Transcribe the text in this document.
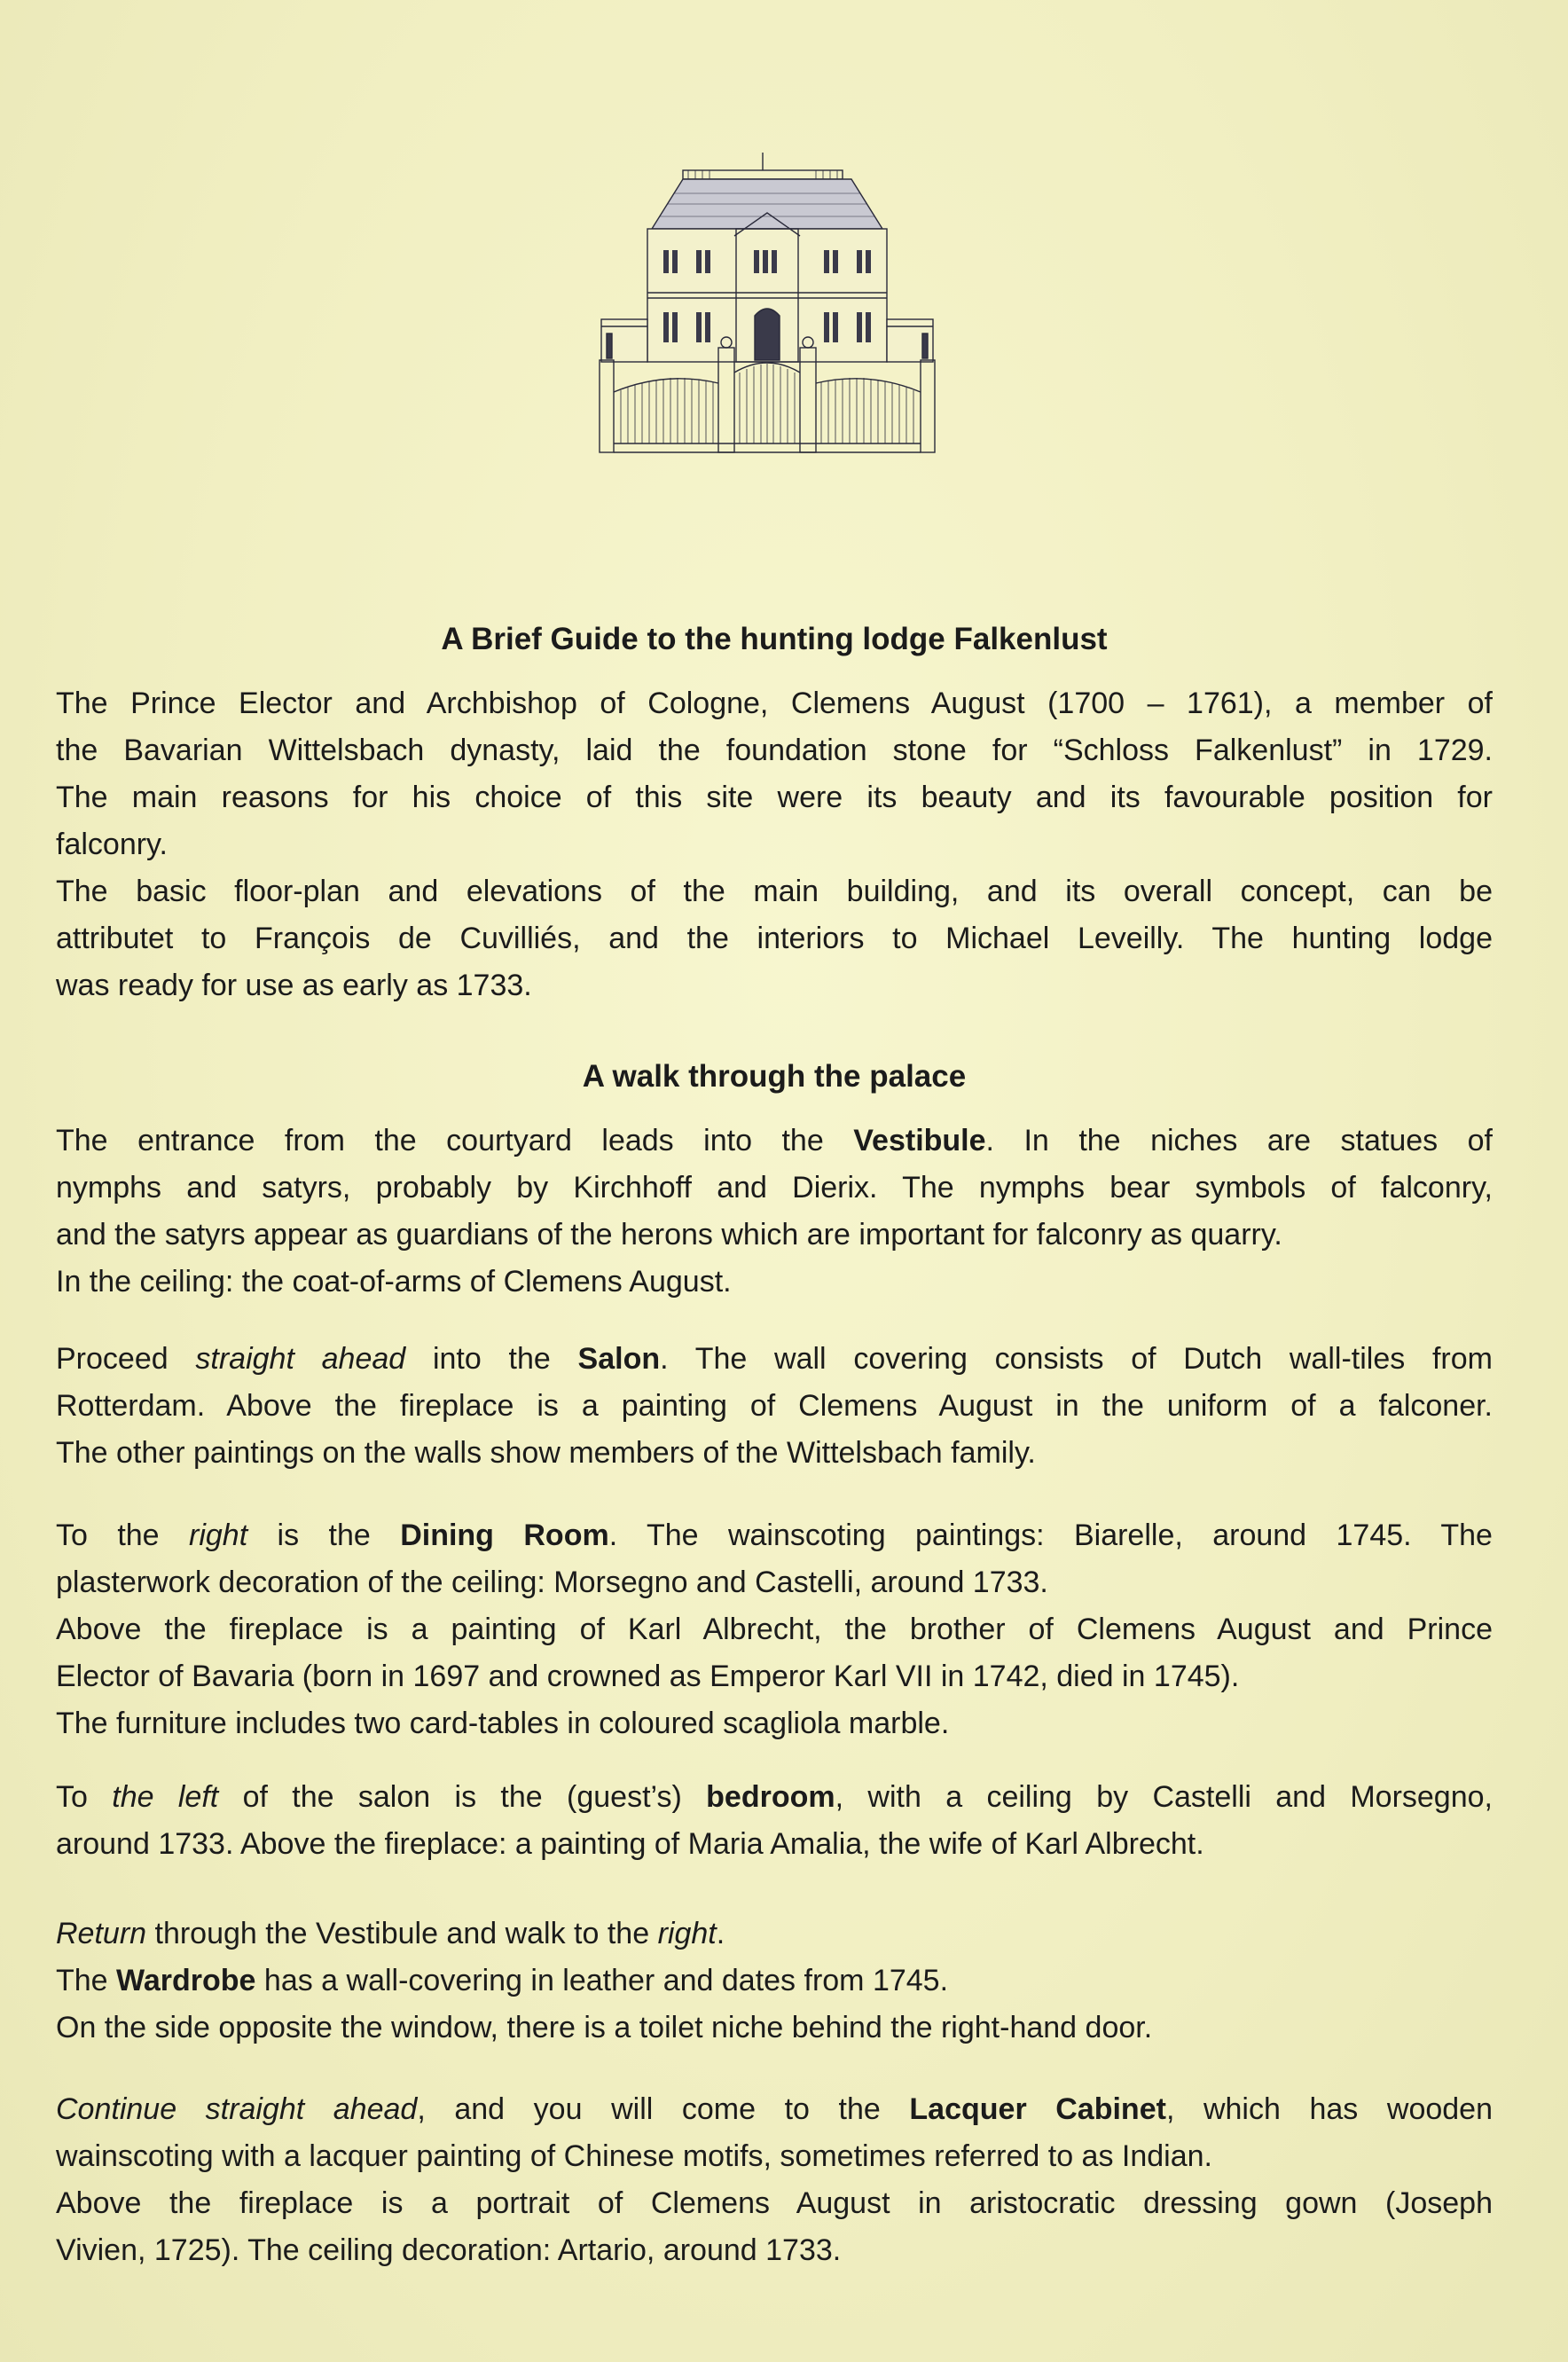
A Brief Guide to the hunting lodge Falkenlust
The Prince Elector and Archbishop of Cologne, Clemens August (1700 – 1761), a member of
the Bavarian Wittelsbach dynasty, laid the foundation stone for “Schloss Falkenlust” in 1729.
The main reasons for his choice of this site were its beauty and its favourable position for
falconry.
The basic floor-plan and elevations of the main building, and its overall concept, can be
attributet to François de Cuvilliés, and the interiors to Michael Leveilly. The hunting lodge
was ready for use as early as 1733.
A walk through the palace
The entrance from the courtyard leads into the Vestibule. In the niches are statues of
nymphs and satyrs, probably by Kirchhoff and Dierix. The nymphs bear symbols of falconry,
and the satyrs appear as guardians of the herons which are important for falconry as quarry.
In the ceiling: the coat-of-arms of Clemens August.
Proceed straight ahead into the Salon. The wall covering consists of Dutch wall-tiles from
Rotterdam. Above the fireplace is a painting of Clemens August in the uniform of a falconer.
The other paintings on the walls show members of the Wittelsbach family.
To the right is the Dining Room. The wainscoting paintings: Biarelle, around 1745. The
plasterwork decoration of the ceiling: Morsegno and Castelli, around 1733.
Above the fireplace is a painting of Karl Albrecht, the brother of Clemens August and Prince
Elector of Bavaria (born in 1697 and crowned as Emperor Karl VII in 1742, died in 1745).
The furniture includes two card-tables in coloured scagliola marble.
To the left of the salon is the (guest’s) bedroom, with a ceiling by Castelli and Morsegno,
around 1733. Above the fireplace: a painting of Maria Amalia, the wife of Karl Albrecht.
Return through the Vestibule and walk to the right.
The Wardrobe has a wall-covering in leather and dates from 1745.
On the side opposite the window, there is a toilet niche behind the right-hand door.
Continue straight ahead, and you will come to the Lacquer Cabinet, which has wooden
wainscoting with a lacquer painting of Chinese motifs, sometimes referred to as Indian.
Above the fireplace is a portrait of Clemens August in aristocratic dressing gown (Joseph
Vivien, 1725). The ceiling decoration: Artario, around 1733.
